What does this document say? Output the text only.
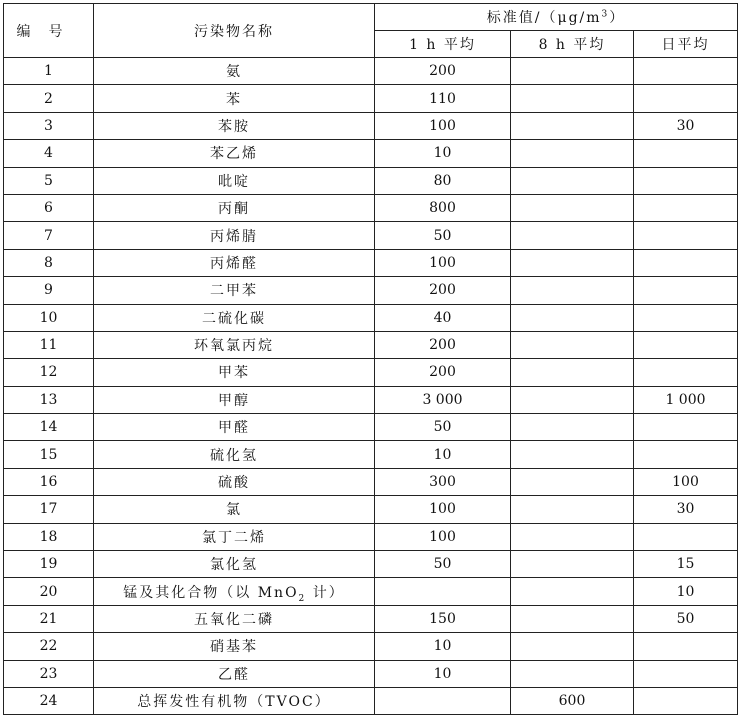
编号	污染物名称	标准值$/(\mu g/m^3)$		
		1 h 平均	8 h 平均	日平均
1	氨	200		
2	苯	110		
3	苯胺	100		30
4	苯乙烯	10		
5	吡啶	80		
6	丙酮	800		
7	丙烯腈	50		
8	丙烯醛	100		
9	二甲苯	200		
10	二硫化碳	40		
11	环氧氯丙烷	200		
12	甲苯	200		
13	甲醇	3 000		1 000
14	甲醛	50		
15	硫化氢	10		
16	硫酸	300		100
17	氯	100		30
18	氯丁二烯	100		
19	氯化氢	50		15
20	锰及其化合物（以 MnO$_2$ 计）			10
21	五氧化二磷	150		50
22	硝基苯	10		
23	乙醛	10		
24	总挥发性有机物（TVOC）		600	
